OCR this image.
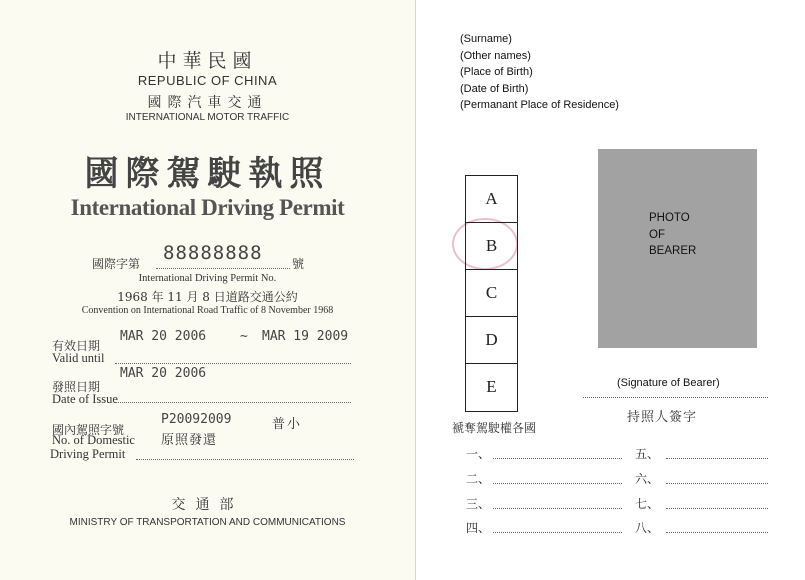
中華民國
REPUBLIC OF CHINA
國際汽車交通
INTERNATIONAL MOTOR TRAFFIC
國際駕駛執照
International Driving Permit
國際字第 88888888 號
International Driving Permit No.
1968 年 11 月 8 日道路交通公約
Convention on International Road Traffic of 8 November 1968
有效日期
Valid until
MAR 20 2006	~ MAR 19 2009
發照日期
Date of Issue
MAR 20 2006
國內駕照字號
No. of Domestic
Driving Permit
P20092009	普小
原照發還
交通部
MINISTRY OF TRANSPORTATION AND COMMUNICATIONS
(Surname)
(Other names)
(Place of Birth)
(Date of Birth)
(Permanant Place of Residence)
A
B
C
D
E
PHOTO
OF
BEARER
(Signature of Bearer)
持照人簽字
褫奪駕駛權各國
一、
二、
三、
四、
五、
六、
七、
八、
